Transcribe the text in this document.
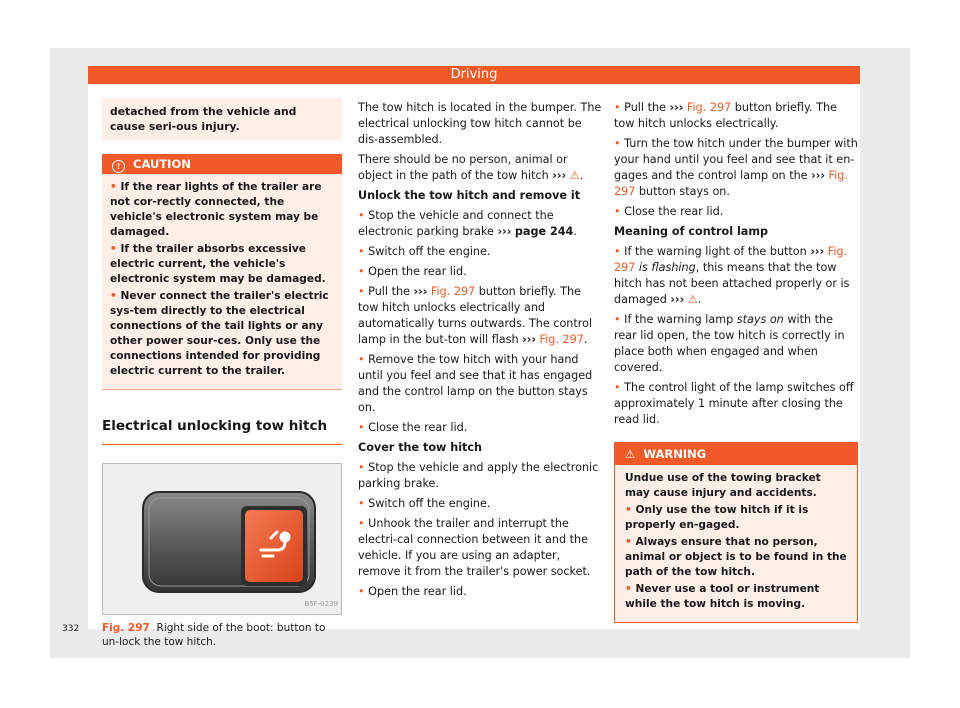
Driving
detached from the vehicle and cause seri-ous injury.
! CAUTION

• If the rear lights of the trailer are not cor-rectly connected, the vehicle's electronic system may be damaged.

• If the trailer absorbs excessive electric current, the vehicle's electronic system may be damaged.

• Never connect the trailer's electric sys-tem directly to the electrical connections of the tail lights or any other power sour-ces. Only use the connections intended for providing electric current to the trailer.

Electrical unlocking tow hitch
B5F-0239
Fig. 297 Right side of the boot: button to un-lock the tow hitch.

The tow hitch is located in the bumper. The electrical unlocking tow hitch cannot be dis-assembled.

There should be no person, animal or object in the path of the tow hitch ››› ⚠.

Unlock the tow hitch and remove it

• Stop the vehicle and connect the electronic parking brake ››› page 244.

• Switch off the engine.

• Open the rear lid.

• Pull the ››› Fig. 297 button briefly. The tow hitch unlocks electrically and automatically turns outwards. The control lamp in the but-ton will flash ››› Fig. 297.

• Remove the tow hitch with your hand until you feel and see that it has engaged and the control lamp on the button stays on.

• Close the rear lid.

Cover the tow hitch

• Stop the vehicle and apply the electronic parking brake.

• Switch off the engine.

• Unhook the trailer and interrupt the electri-cal connection between it and the vehicle. If you are using an adapter, remove it from the trailer's power socket.

• Open the rear lid.

• Pull the ››› Fig. 297 button briefly. The tow hitch unlocks electrically.

• Turn the tow hitch under the bumper with your hand until you feel and see that it en-gages and the control lamp on the ››› Fig. 297 button stays on.

• Close the rear lid.

Meaning of control lamp

• If the warning light of the button ››› Fig. 297 is flashing, this means that the tow hitch has not been attached properly or is damaged ››› ⚠.

• If the warning lamp stays on with the rear lid open, the tow hitch is correctly in place both when engaged and when covered.

• The control light of the lamp switches off approximately 1 minute after closing the read lid.

⚠ WARNING

Undue use of the towing bracket may cause injury and accidents.

• Only use the tow hitch if it is properly en-gaged.

• Always ensure that no person, animal or object is to be found in the path of the tow hitch.

• Never use a tool or instrument while the tow hitch is moving.

332
